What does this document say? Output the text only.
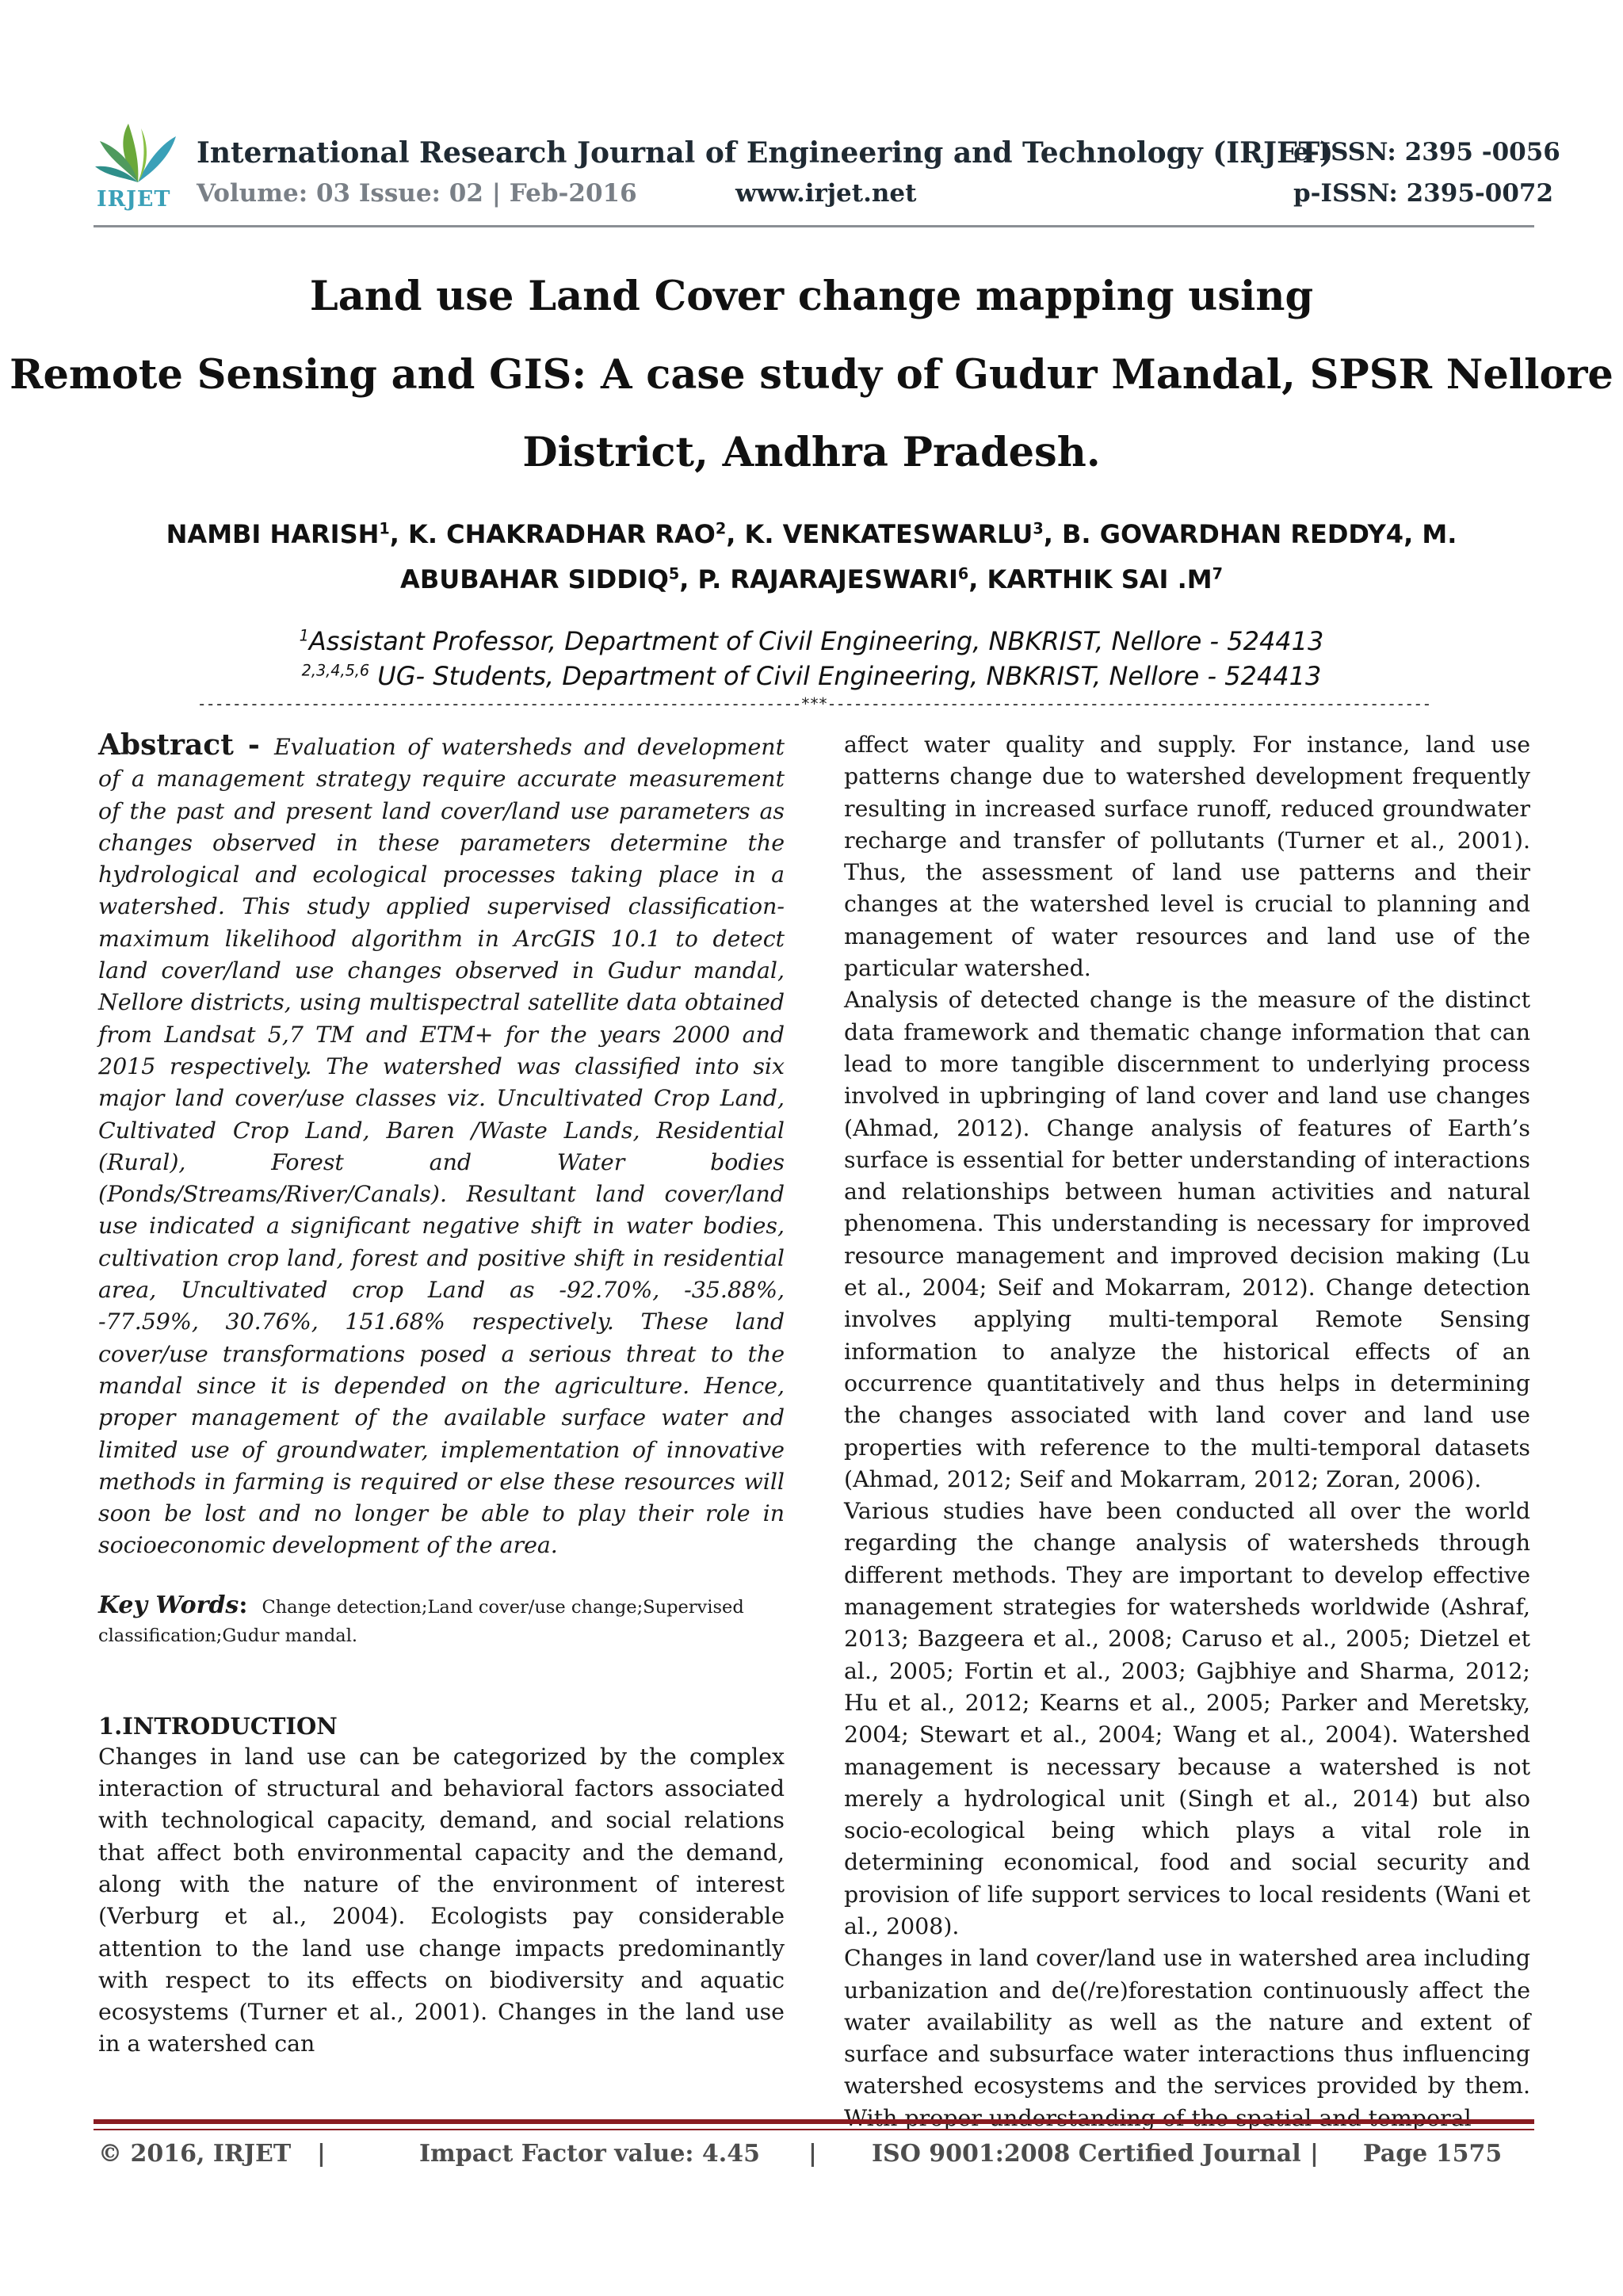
IRJET
International Research Journal of Engineering and Technology (IRJET)
e-ISSN: 2395 -0056
Volume: 03 Issue: 02 | Feb-2016	www.irjet.net	p-ISSN: 2395-0072
Land use Land Cover change mapping using
Remote Sensing and GIS: A case study of Gudur Mandal, SPSR Nellore
District, Andhra Pradesh.
NAMBI HARISH$^1$, K. CHAKRADHAR RAO$^2$, K. VENKATESWARLU$^3$, B. GOVARDHAN REDDY4, M.
ABUBAHAR SIDDIQ$^5$, P. RAJARAJESWARI$^6$, KARTHIK SAI $.M^7$
$^1$Assistant Professor, Department of Civil Engineering, NBKRIST, Nellore - 524413
$^{2,3,4,5,6}$ UG- Students, Department of Civil Engineering, NBKRIST, Nellore - 524413
---------------------------------------------------------------------***---------------------------------------------------------------------

Abstract - Evaluation of watersheds and development of a management strategy require accurate measurement of the past and present land cover/land use parameters as changes observed in these parameters determine the hydrological and ecological processes taking place in a watershed. This study applied supervised classification-maximum likelihood algorithm in ArcGIS 10.1 to detect land cover/land use changes observed in Gudur mandal, Nellore districts, using multispectral satellite data obtained from Landsat 5,7 TM and ETM+ for the years 2000 and 2015 respectively. The watershed was classified into six major land cover/use classes viz. Uncultivated Crop Land, Cultivated Crop Land, Baren /Waste Lands, Residential (Rural), Forest and Water bodies (Ponds/Streams/River/Canals). Resultant land cover/land use indicated a significant negative shift in water bodies, cultivation crop land, forest and positive shift in residential area, Uncultivated crop Land as -92.70%, -35.88%, -77.59%, 30.76%, 151.68% respectively. These land cover/use transformations posed a serious threat to the mandal since it is depended on the agriculture. Hence, proper management of the available surface water and limited use of groundwater, implementation of innovative methods in farming is required or else these resources will soon be lost and no longer be able to play their role in socioeconomic development of the area.

Key Words: Change detection;Land cover/use change;Supervised classification;Gudur mandal.
1.INTRODUCTION

Changes in land use can be categorized by the complex interaction of structural and behavioral factors associated with technological capacity, demand, and social relations that affect both environmental capacity and the demand, along with the nature of the environment of interest (Verburg et al., 2004). Ecologists pay considerable attention to the land use change impacts predominantly with respect to its effects on biodiversity and aquatic ecosystems (Turner et al., 2001). Changes in the land use in a watershed can

affect water quality and supply. For instance, land use patterns change due to watershed development frequently resulting in increased surface runoff, reduced groundwater recharge and transfer of pollutants (Turner et al., 2001). Thus, the assessment of land use patterns and their changes at the watershed level is crucial to planning and management of water resources and land use of the particular watershed.

Analysis of detected change is the measure of the distinct data framework and thematic change information that can lead to more tangible discernment to underlying process involved in upbringing of land cover and land use changes (Ahmad, 2012). Change analysis of features of Earth’s surface is essential for better understanding of interactions and relationships between human activities and natural phenomena. This understanding is necessary for improved resource management and improved decision making (Lu et al., 2004; Seif and Mokarram, 2012). Change detection involves applying multi-temporal Remote Sensing information to analyze the historical effects of an occurrence quantitatively and thus helps in determining the changes associated with land cover and land use properties with reference to the multi-temporal datasets (Ahmad, 2012; Seif and Mokarram, 2012; Zoran, 2006).

Various studies have been conducted all over the world regarding the change analysis of watersheds through different methods. They are important to develop effective management strategies for watersheds worldwide (Ashraf, 2013; Bazgeera et al., 2008; Caruso et al., 2005; Dietzel et al., 2005; Fortin et al., 2003; Gajbhiye and Sharma, 2012; Hu et al., 2012; Kearns et al., 2005; Parker and Meretsky, 2004; Stewart et al., 2004; Wang et al., 2004). Watershed management is necessary because a watershed is not merely a hydrological unit (Singh et al., 2014) but also socio-ecological being which plays a vital role in determining economical, food and social security and provision of life support services to local residents (Wani et al., 2008).

Changes in land cover/land use in watershed area including urbanization and de(/re)forestation continuously affect the water availability as well as the nature and extent of surface and subsurface water interactions thus influencing watershed ecosystems and the services provided by them. With proper understanding of the spatial and temporal

© 2016, IRJET |	Impact Factor value: 4.45 | ISO 9001:2008 Certified Journal | Page 1575
